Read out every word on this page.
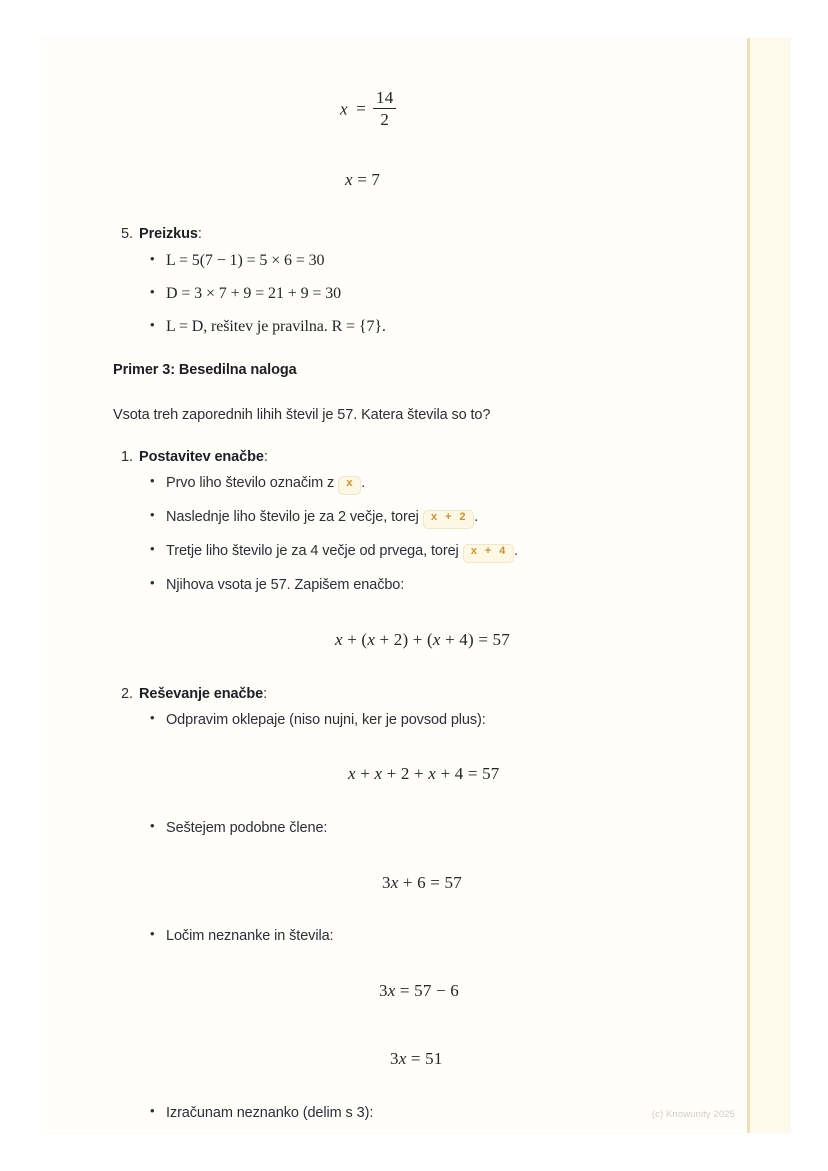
$x = \frac{14}{2}$
x = 7
5. Preizkus:
• L = 5(7 − 1) = 5 × 6 = 30
• D = 3 × 7 + 9 = 21 + 9 = 30
• L = D, rešitev je pravilna. R = {7}.
Primer 3: Besedilna naloga
Vsota treh zaporednih lihih števil je 57. Katera števila so to?
1. Postavitev enačbe:
• Prvo liho število označim z x .
• Naslednje liho število je za 2 večje, torej x + 2 .
• Tretje liho število je za 4 večje od prvega, torej x + 4 .
• Njihova vsota je 57. Zapišem enačbo:
x + (x + 2) + (x + 4) = 57
2. Reševanje enačbe:
• Odpravim oklepaje (niso nujni, ker je povsod plus):
x + x + 2 + x + 4 = 57
• Seštejem podobne člene:
3x + 6 = 57
• Ločim neznanke in števila:
3x = 57 − 6
3x = 51
• Izračunam neznanko (delim s 3):	(c) Knowunity 2025
